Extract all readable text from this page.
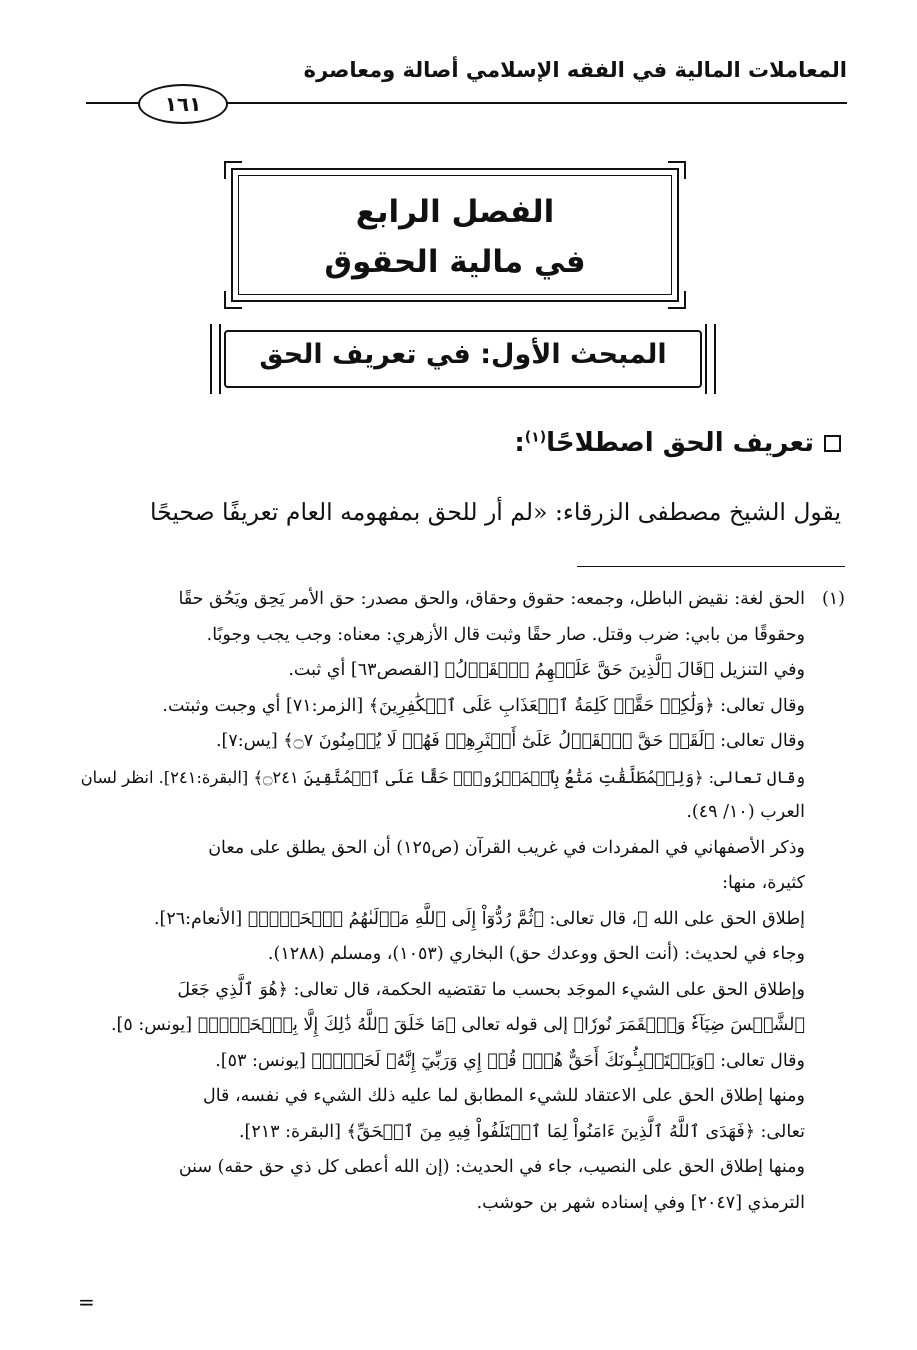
المعاملات المالية في الفقه الإسلامي أصالة ومعاصرة
١٦١
الفصل الرابع
في مالية الحقوق
المبحث الأول: في تعريف الحق
تعريف الحق اصطلاحًا$^{(١)}$:
يقول الشيخ مصطفى الزرقاء: «لم أر للحق بمفهومه العام تعريفًا صحيحًا
(١)
الحق لغة: نقيض الباطل، وجمعه: حقوق وحقاق، والحق مصدر: حق الأمر يَحِق ويَحُق حقًا
وحقوقًا من بابي: ضرب وقتل. صار حقًا وثبت قال الأزهري: معناه: وجب يجب وجوبًا.
وفي التنزيل ﴿قَالَ ٱلَّذِينَ حَقَّ عَلَيۡهِمُ ٱلۡقَوۡلُ﴾ [القصص٦٣] أي ثبت.
وقال تعالى: ﴿وَلَٰكِنۡ حَقَّتۡ كَلِمَةُ ٱلۡعَذَابِ عَلَى ٱلۡكَٰفِرِينَ﴾ [الزمر:٧١] أي وجبت وثبتت.
وقال تعالى: ﴿لَقَدۡ حَقَّ ٱلۡقَوۡلُ عَلَىٰٓ أَكۡثَرِهِمۡ فَهُمۡ لَا يُؤۡمِنُونَ ۝٧﴾ [يس:٧].
وقال تعالى: ﴿وَلِلۡمُطَلَّقَٰتِ مَتَٰعُۢ بِٱلۡمَعۡرُوفِۖ حَقًّا عَلَى ٱلۡمُتَّقِينَ ۝٢٤١﴾ [البقرة:٢٤١]. انظر لسان
العرب (١٠/ ٤٩).
وذكر الأصفهاني في المفردات في غريب القرآن (ص١٢٥) أن الحق يطلق على معان
كثيرة، منها:
إطلاق الحق على الله ﷻ، قال تعالى: ﴿ثُمَّ رُدُّوٓاْ إِلَى ٱللَّهِ مَوۡلَىٰهُمُ ٱلۡحَقِّۚ﴾ [الأنعام:٢٦].
وجاء في لحديث: (أنت الحق ووعدك حق) البخاري (١٠٥٣)، ومسلم (١٢٨٨).
وإطلاق الحق على الشيء الموجَد بحسب ما تقتضيه الحكمة، قال تعالى: ﴿هُوَ ٱلَّذِي جَعَلَ
ٱلشَّمۡسَ ضِيَآءٗ وَٱلۡقَمَرَ نُورٗا﴾ إلى قوله تعالى ﴿مَا خَلَقَ ٱللَّهُ ذَٰلِكَ إِلَّا بِٱلۡحَقِّۚ﴾ [يونس: ٥].
وقال تعالى: ﴿وَيَسۡتَنۢبِـُٔونَكَ أَحَقٌّ هُوَۖ قُلۡ إِي وَرَبِّيٓ إِنَّهُۥ لَحَقّٞۖ﴾ [يونس: ٥٣].
ومنها إطلاق الحق على الاعتقاد للشيء المطابق لما عليه ذلك الشيء في نفسه، قال
تعالى: ﴿فَهَدَى ٱللَّهُ ٱلَّذِينَ ءَامَنُواْ لِمَا ٱخۡتَلَفُواْ فِيهِ مِنَ ٱلۡحَقِّ﴾ [البقرة: ٢١٣].
ومنها إطلاق الحق على النصيب، جاء في الحديث: (إن الله أعطى كل ذي حق حقه) سنن
الترمذي [٢٠٤٧] وفي إسناده شهر بن حوشب.
=
